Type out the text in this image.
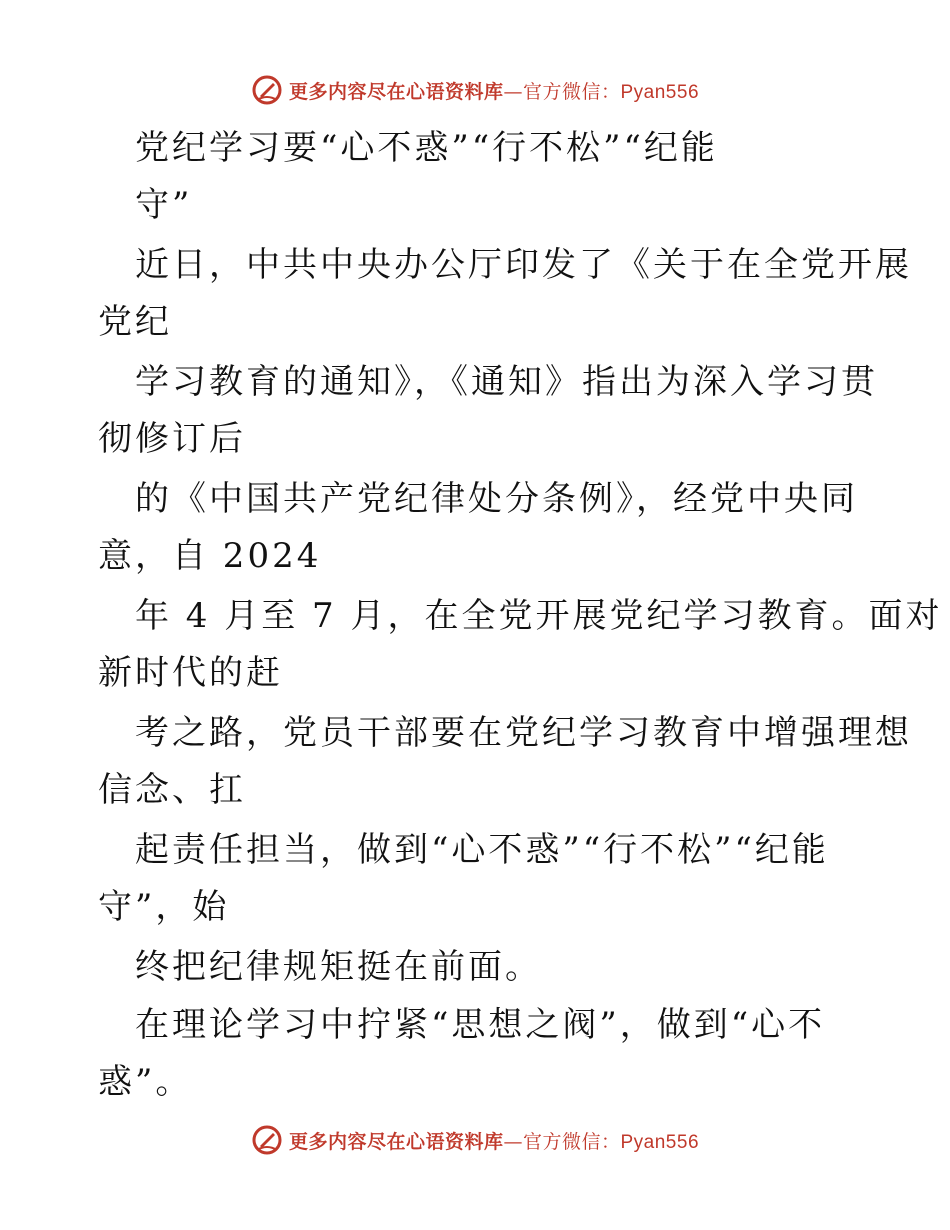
更多内容尽在心语资料库—官方微信：Pyan556
党纪学习要“心不惑”“行不松”“纪能
守”
近日，中共中央办公厅印发了《关于在全党开展
党纪
学习教育的通知》，《通知》指出为深入学习贯
彻修订后
的《中国共产党纪律处分条例》，经党中央同
意，自 2024
年 4 月至 7 月，在全党开展党纪学习教育。面对
新时代的赶
考之路，党员干部要在党纪学习教育中增强理想
信念、扛
起责任担当，做到“心不惑”“行不松”“纪能
守”，始
终把纪律规矩挺在前面。
在理论学习中拧紧“思想之阀”，做到“心不
惑”。
更多内容尽在心语资料库—官方微信：Pyan556
